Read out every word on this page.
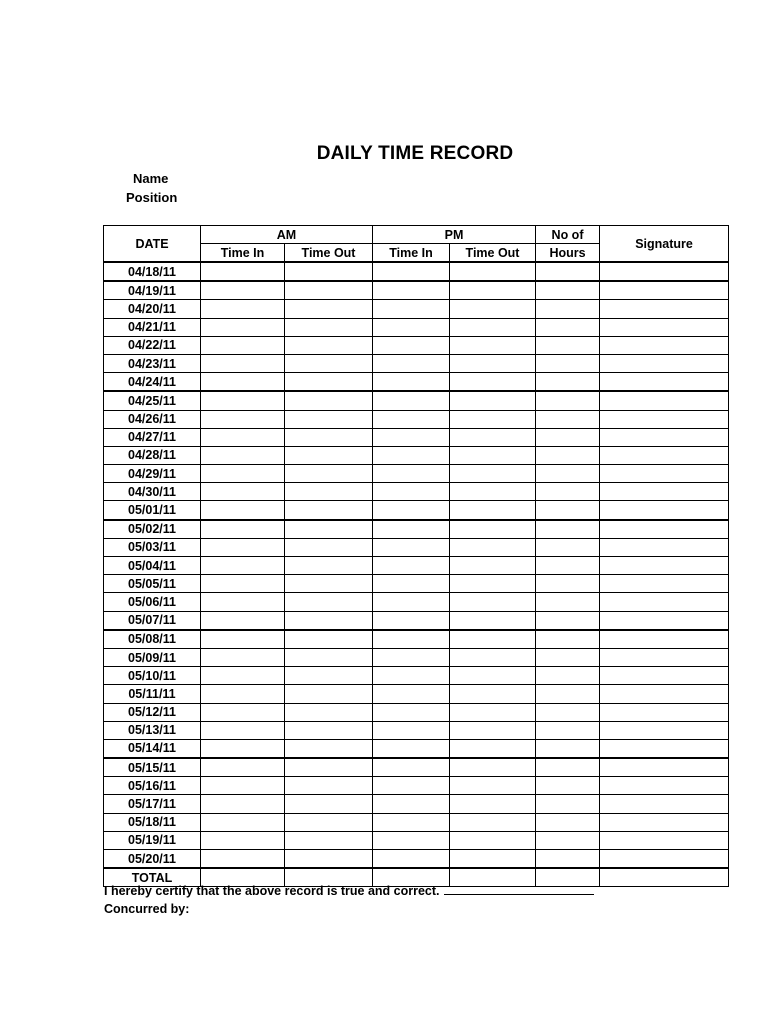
DAILY TIME RECORD
Name
Position
DATE	AM		PM		No of	Signature
	Time In	Time Out	Time In	Time Out	Hours	
04/18/11						
04/19/11						
04/20/11						
04/21/11						
04/22/11						
04/23/11						
04/24/11						
04/25/11						
04/26/11						
04/27/11						
04/28/11						
04/29/11						
04/30/11						
05/01/11						
05/02/11						
05/03/11						
05/04/11						
05/05/11						
05/06/11						
05/07/11						
05/08/11						
05/09/11						
05/10/11						
05/11/11						
05/12/11						
05/13/11						
05/14/11						
05/15/11						
05/16/11						
05/17/11						
05/18/11						
05/19/11						
05/20/11						
TOTAL						
I hereby certify that the above record is true and correct.
Concurred by:
